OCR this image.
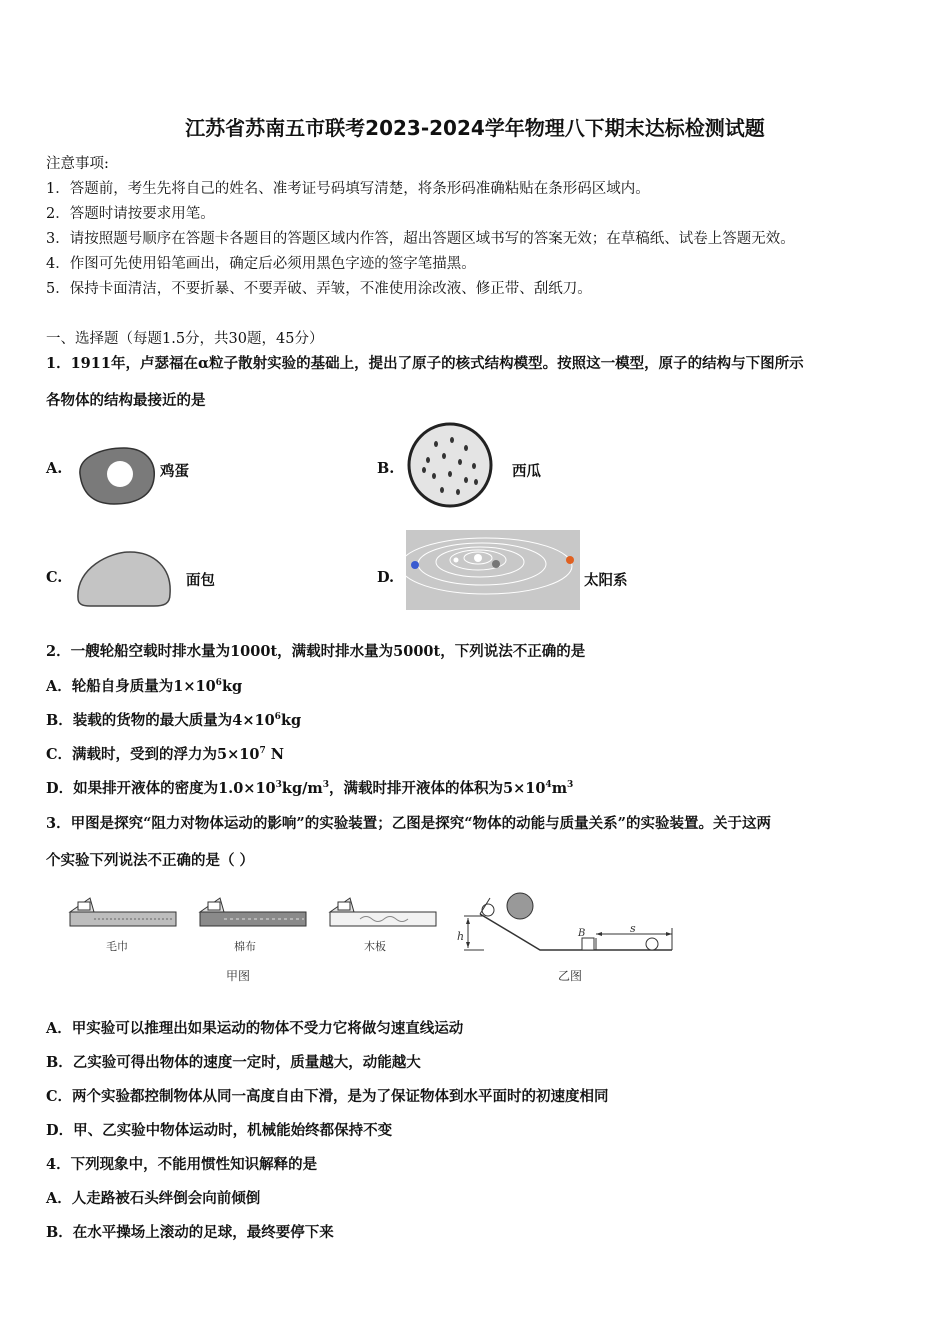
江苏省苏南五市联考2023-2024学年物理八下期末达标检测试题
注意事项:
1．答题前，考生先将自己的姓名、准考证号码填写清楚，将条形码准确粘贴在条形码区域内。
2．答题时请按要求用笔。
3．请按照题号顺序在答题卡各题目的答题区域内作答，超出答题区域书写的答案无效；在草稿纸、试卷上答题无效。
4．作图可先使用铅笔画出，确定后必须用黑色字迹的签字笔描黑。
5．保持卡面清洁，不要折暴、不要弄破、弄皱，不准使用涂改液、修正带、刮纸刀。
一、选择题（每题1.5分，共30题，45分）
1．1911年，卢瑟福在α粒子散射实验的基础上，提出了原子的核式结构模型。按照这一模型，原子的结构与下图所示
各物体的结构最接近的是
A.	鸡蛋	B.	西瓜
C.	面包	D.	太阳系
2．一艘轮船空载时排水量为1000t，满载时排水量为5000t，下列说法不正确的是
A．轮船自身质量为$1\times 10^6kg$
B．装载的货物的最大质量为$4\times 10^6kg$
C．满载时，受到的浮力为$5\times 10^7$ N
D．如果排开液体的密度为$1.0\times 10^3kg/m^3$，满载时排开液体的体积为$5\times 10^4m^3$
3．甲图是探究“阻力对物体运动的影响”的实验装置；乙图是探究“物体的动能与质量关系”的实验装置。关于这两
个实验下列说法不正确的是（ ）
毛巾	棉布	木板
甲图
h	B	s
乙图
A．甲实验可以推理出如果运动的物体不受力它将做匀速直线运动
B．乙实验可得出物体的速度一定时，质量越大，动能越大
C．两个实验都控制物体从同一高度自由下滑，是为了保证物体到水平面时的初速度相同
D．甲、乙实验中物体运动时，机械能始终都保持不变
4．下列现象中，不能用惯性知识解释的是
A．人走路被石头绊倒会向前倾倒
B．在水平操场上滚动的足球，最终要停下来
